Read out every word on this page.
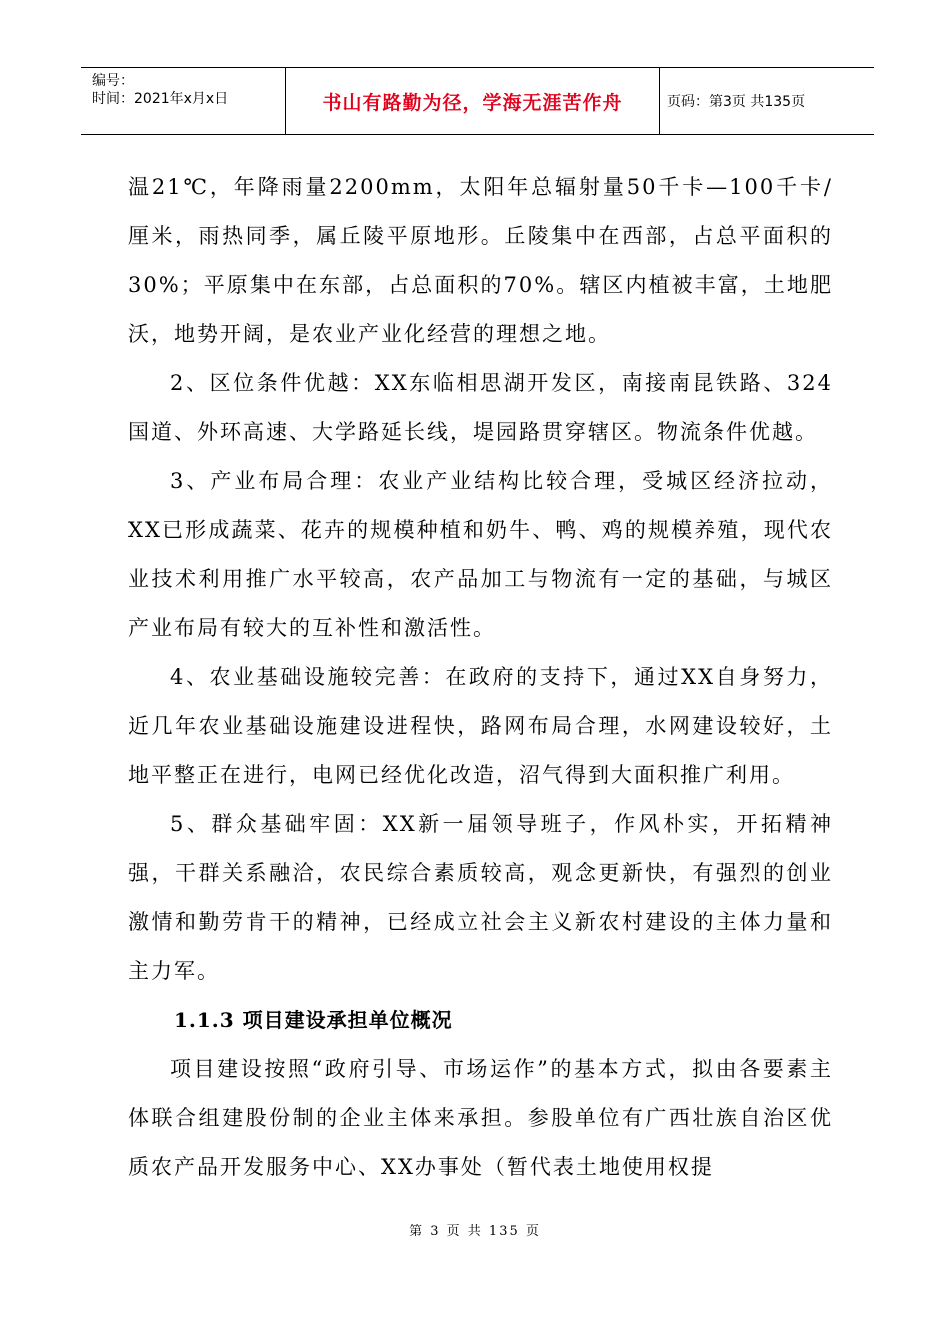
编号：
时间：2021年x月x日	书山有路勤为径，学海无涯苦作舟	页码：第3页 共135页

温21℃，年降雨量2200mm，太阳年总辐射量50千卡—100千卡/厘米，雨热同季，属丘陵平原地形。丘陵集中在西部，占总平面积的30%；平原集中在东部，占总面积的70%。辖区内植被丰富，土地肥沃，地势开阔，是农业产业化经营的理想之地。

2、区位条件优越：XX东临相思湖开发区，南接南昆铁路、324国道、外环高速、大学路延长线，堤园路贯穿辖区。物流条件优越。

3、产业布局合理：农业产业结构比较合理，受城区经济拉动，XX已形成蔬菜、花卉的规模种植和奶牛、鸭、鸡的规模养殖，现代农业技术利用推广水平较高，农产品加工与物流有一定的基础，与城区产业布局有较大的互补性和激活性。

4、农业基础设施较完善：在政府的支持下，通过XX自身努力，近几年农业基础设施建设进程快，路网布局合理，水网建设较好，土地平整正在进行，电网已经优化改造，沼气得到大面积推广利用。

5、群众基础牢固：XX新一届领导班子，作风朴实，开拓精神强，干群关系融洽，农民综合素质较高，观念更新快，有强烈的创业激情和勤劳肯干的精神，已经成立社会主义新农村建设的主体力量和主力军。

1.1.3 项目建设承担单位概况

项目建设按照“政府引导、市场运作”的基本方式，拟由各要素主体联合组建股份制的企业主体来承担。参股单位有广西壮族自治区优质农产品开发服务中心、XX办事处（暂代表土地使用权提

第 3 页 共 135 页
